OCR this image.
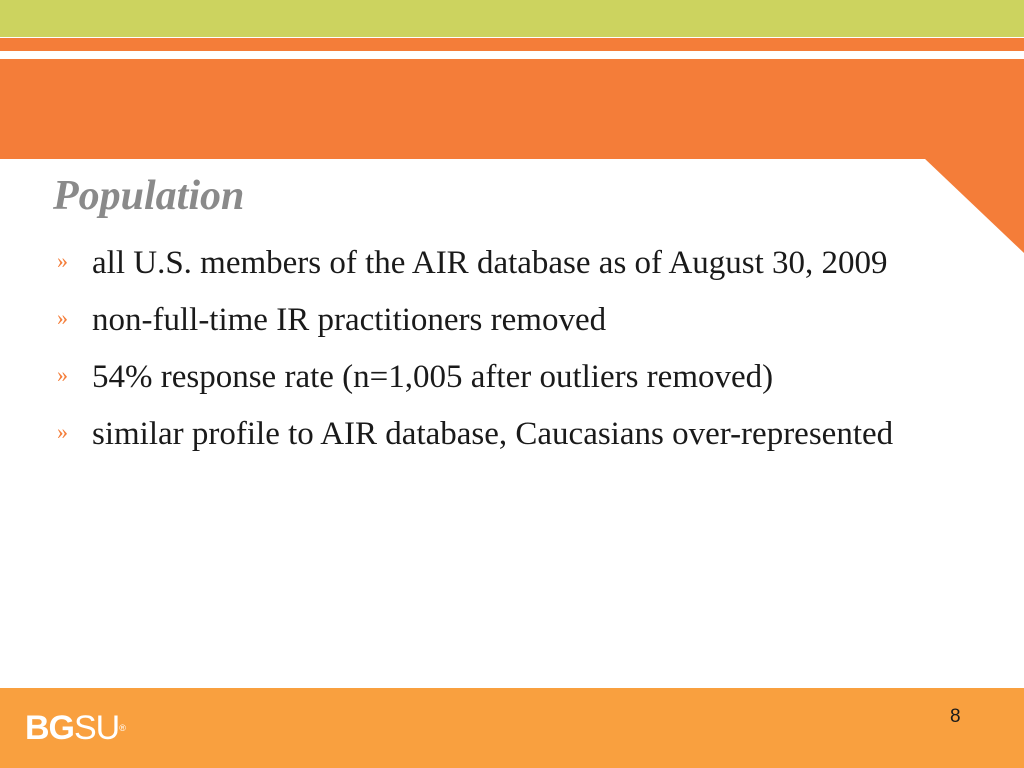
Population
» all U.S. members of the AIR database as of August 30, 2009
» non-full-time IR practitioners removed
» 54% response rate (n=1,005 after outliers removed)
» similar profile to AIR database, Caucasians over-represented
BGSU®
8
